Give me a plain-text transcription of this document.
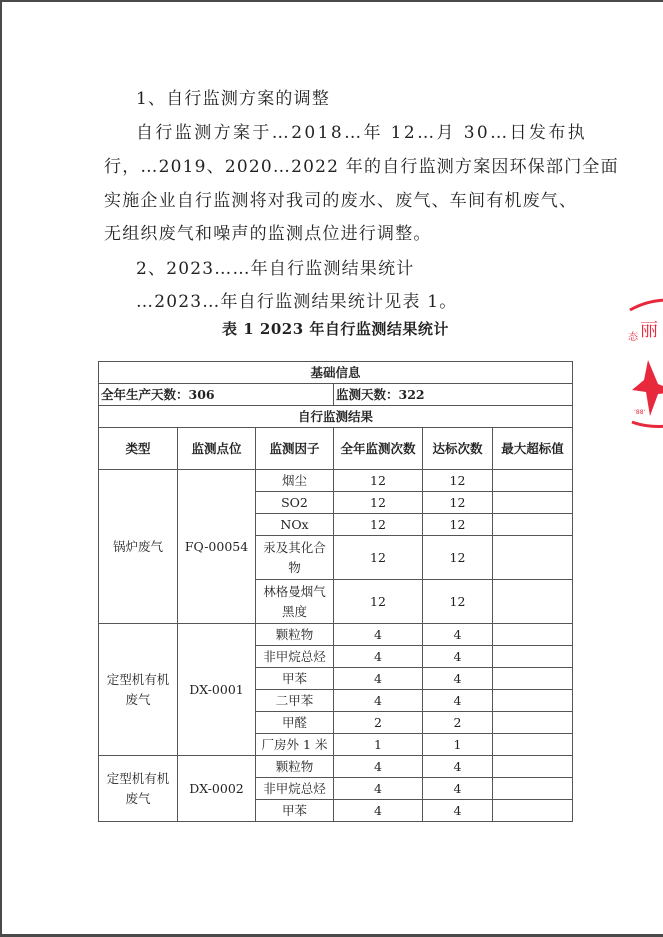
1、自行监测方案的调整
自行监测方案于…2018…年 12…月 30…日发布执
行，…2019、2020…2022 年的自行监测方案因环保部门全面
实施企业自行监测将对我司的废水、废气、车间有机废气、
无组织废气和噪声的监测点位进行调整。
2、2023……年自行监测结果统计
…2023…年自行监测结果统计见表 1。
表 1 2023 年自行监测结果统计
基础信息					
全年生产天数：306			监测天数：322		
自行监测结果					
类型	监测点位	监测因子	全年监测次数	达标次数	最大超标值
锅炉废气	FQ-00054	烟尘	12	12	
		SO2	12	12	
		NOx	12	12	
		汞及其化合物	12	12	
		林格曼烟气黑度	12	12	
定型机有机废气	DX-0001	颗粒物	4	4	
		非甲烷总烃	4	4	
		甲苯	4	4	
		二甲苯	4	4	
		甲醛	2	2	
		厂房外 1 米	1	1	
定型机有机废气	DX-0002	颗粒物	4	4	
		非甲烷总烃	4	4	
		甲苯	4	4	
丽
态
ʼ88ʼ
